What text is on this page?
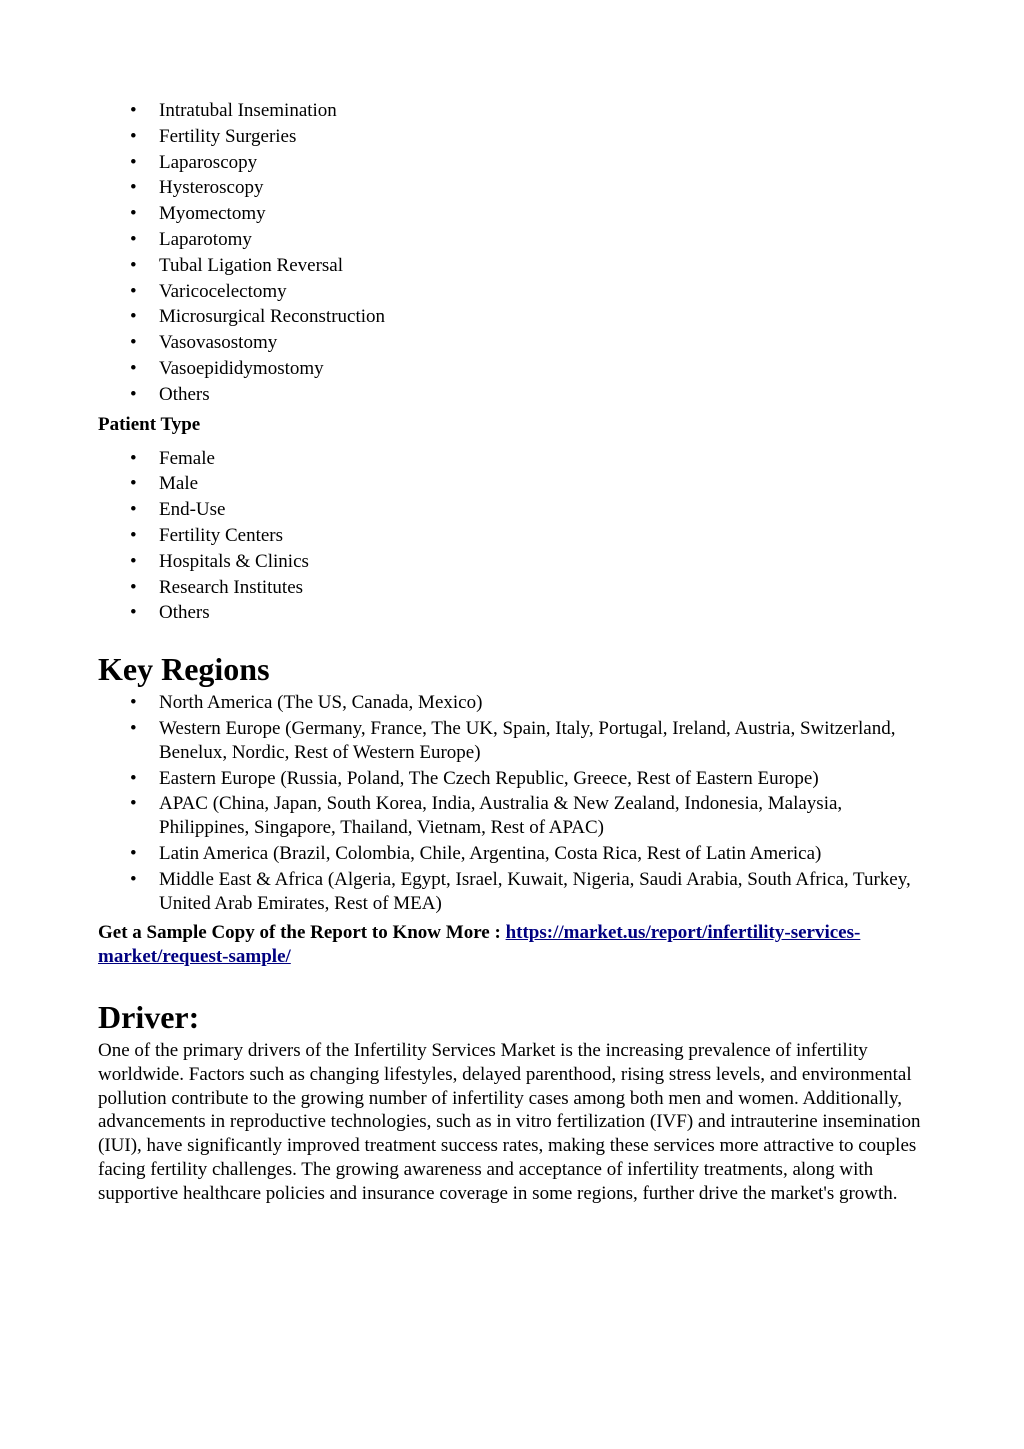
• Intratubal Insemination
• Fertility Surgeries
• Laparoscopy
• Hysteroscopy
• Myomectomy
• Laparotomy
• Tubal Ligation Reversal
• Varicocelectomy
• Microsurgical Reconstruction
• Vasovasostomy
• Vasoepididymostomy
• Others
Patient Type
• Female
• Male
• End-Use
• Fertility Centers
• Hospitals & Clinics
• Research Institutes
• Others
Key Regions
• North America (The US, Canada, Mexico)
• Western Europe (Germany, France, The UK, Spain, Italy, Portugal, Ireland, Austria, Switzerland, Benelux, Nordic, Rest of Western Europe)
• Eastern Europe (Russia, Poland, The Czech Republic, Greece, Rest of Eastern Europe)
• APAC (China, Japan, South Korea, India, Australia & New Zealand, Indonesia, Malaysia, Philippines, Singapore, Thailand, Vietnam, Rest of APAC)
• Latin America (Brazil, Colombia, Chile, Argentina, Costa Rica, Rest of Latin America)
• Middle East & Africa (Algeria, Egypt, Israel, Kuwait, Nigeria, Saudi Arabia, South Africa, Turkey, United Arab Emirates, Rest of MEA)
Get a Sample Copy of the Report to Know More : https://market.us/report/infertility-services-market/request-sample/
Driver:

One of the primary drivers of the Infertility Services Market is the increasing prevalence of infertility worldwide. Factors such as changing lifestyles, delayed parenthood, rising stress levels, and environmental pollution contribute to the growing number of infertility cases among both men and women. Additionally, advancements in reproductive technologies, such as in vitro fertilization (IVF) and intrauterine insemination (IUI), have significantly improved treatment success rates, making these services more attractive to couples facing fertility challenges. The growing awareness and acceptance of infertility treatments, along with supportive healthcare policies and insurance coverage in some regions, further drive the market's growth.
